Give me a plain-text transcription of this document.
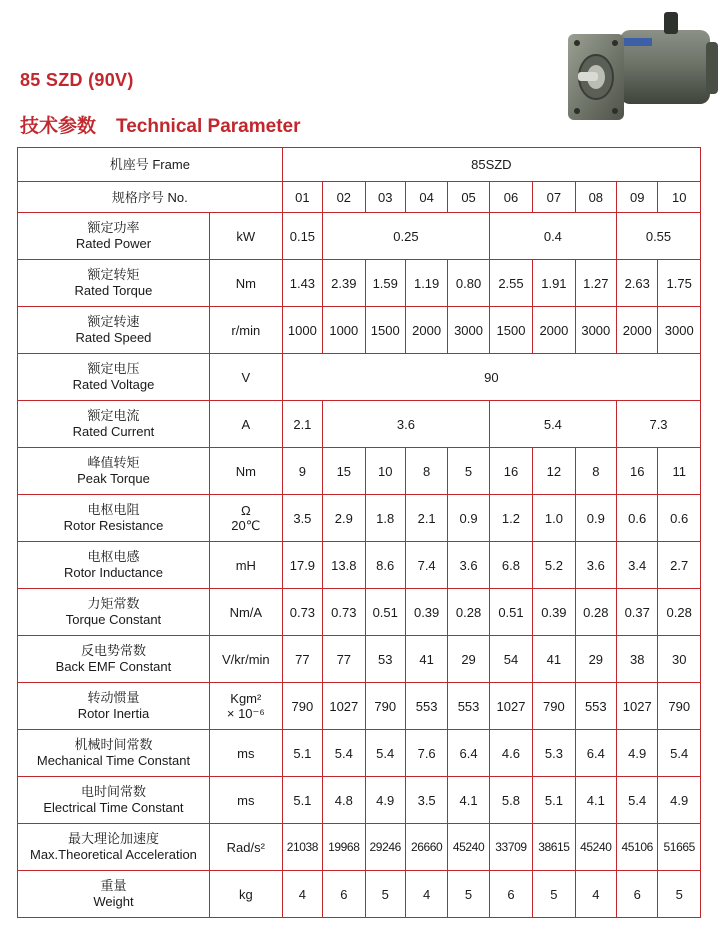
85 SZD (90V)
技术参数 Technical Parameter
机座号 Frame		85SZD									
规格序号 No.		01	02	03	04	05	06	07	08	09	10

额定功率
Rated Power	kW	0.15	0.25				0.4			0.55	

额定转矩
Rated Torque	Nm	1.43	2.39	1.59	1.19	0.80	2.55	1.91	1.27	2.63	1.75

额定转速
Rated Speed	r/min	1000	1000	1500	2000	3000	1500	2000	3000	2000	3000

额定电压
Rated Voltage	V	90									

额定电流
Rated Current	A	2.1	3.6				5.4			7.3	

峰值转矩
Peak Torque	Nm	9	15	10	8	5	16	12	8	16	11

电枢电阻
Rotor Resistance	Ω
20℃	3.5	2.9	1.8	2.1	0.9	1.2	1.0	0.9	0.6	0.6

电枢电感
Rotor Inductance	mH	17.9	13.8	8.6	7.4	3.6	6.8	5.2	3.6	3.4	2.7

力矩常数
Torque Constant	Nm/A	0.73	0.73	0.51	0.39	0.28	0.51	0.39	0.28	0.37	0.28

反电势常数
Back EMF Constant	V/kr/min	77	77	53	41	29	54	41	29	38	30

转动惯量
Rotor Inertia	Kgm²
× 10⁻⁶	790	1027	790	553	553	1027	790	553	1027	790

机械时间常数
Mechanical Time Constant	ms	5.1	5.4	5.4	7.6	6.4	4.6	5.3	6.4	4.9	5.4

电时间常数
Electrical Time Constant	ms	5.1	4.8	4.9	3.5	4.1	5.8	5.1	4.1	5.4	4.9

最大理论加速度
Max.Theoretical Acceleration	Rad/s²	21038	19968	29246	26660	45240	33709	38615	45240	45106	51665

重量
Weight	kg	4	6	5	4	5	6	5	4	6	5
